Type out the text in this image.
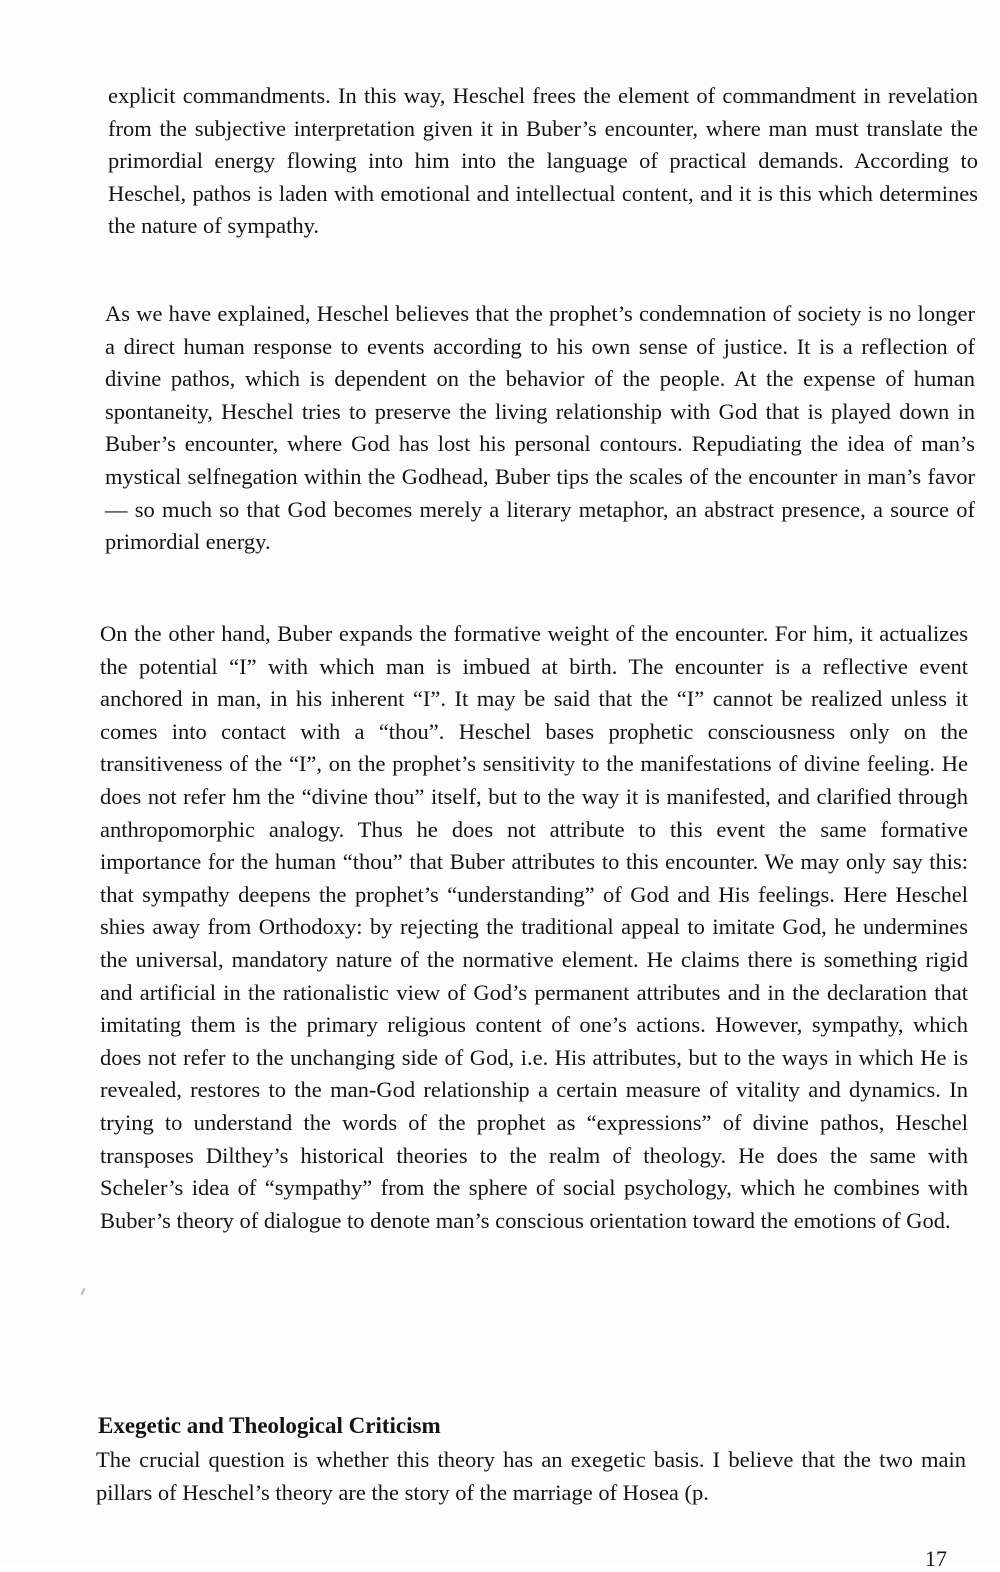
explicit commandments. In this way, Heschel frees the element of commandment in revelation from the subjective interpretation given it in Buber’s encounter, where man must translate the primordial energy flowing into him into the language of practical demands. According to Heschel, pathos is laden with emotional and intellectual content, and it is this which determines the nature of sympathy.

As we have explained, Heschel believes that the prophet’s condemnation of society is no longer a direct human response to events according to his own sense of justice. It is a reflection of divine pathos, which is dependent on the behavior of the people. At the expense of human spontaneity, Heschel tries to preserve the living relationship with God that is played down in Buber’s encounter, where God has lost his personal contours. Repudiating the idea of man’s mystical selfnegation within the Godhead, Buber tips the scales of the encounter in man’s favor — so much so that God becomes merely a literary metaphor, an abstract presence, a source of primordial energy.

On the other hand, Buber expands the formative weight of the encounter. For him, it actualizes the potential “I” with which man is imbued at birth. The encounter is a reflective event anchored in man, in his inherent “I”. It may be said that the “I” cannot be realized unless it comes into contact with a “thou”. Heschel bases prophetic consciousness only on the transitiveness of the “I”, on the prophet’s sensitivity to the manifestations of divine feeling. He does not refer hm the “divine thou” itself, but to the way it is manifested, and clarified through anthropomorphic analogy. Thus he does not attribute to this event the same formative importance for the human “thou” that Buber attributes to this encounter. We may only say this: that sympathy deepens the prophet’s “understanding” of God and His feelings. Here Heschel shies away from Orthodoxy: by rejecting the traditional appeal to imitate God, he undermines the universal, mandatory nature of the normative element. He claims there is something rigid and artificial in the rationalistic view of God’s permanent attributes and in the declaration that imitating them is the primary religious content of one’s actions. However, sympathy, which does not refer to the unchanging side of God, i.e. His attributes, but to the ways in which He is revealed, restores to the man-God relationship a certain measure of vitality and dynamics. In trying to understand the words of the prophet as “expressions” of divine pathos, Heschel transposes Dilthey’s historical theories to the realm of theology. He does the same with Scheler’s idea of “sympathy” from the sphere of social psychology, which he combines with Buber’s theory of dialogue to denote man’s conscious orientation toward the emotions of God.

Exegetic and Theological Criticism

The crucial question is whether this theory has an exegetic basis. I believe that the two main pillars of Heschel’s theory are the story of the marriage of Hosea (p.

17
